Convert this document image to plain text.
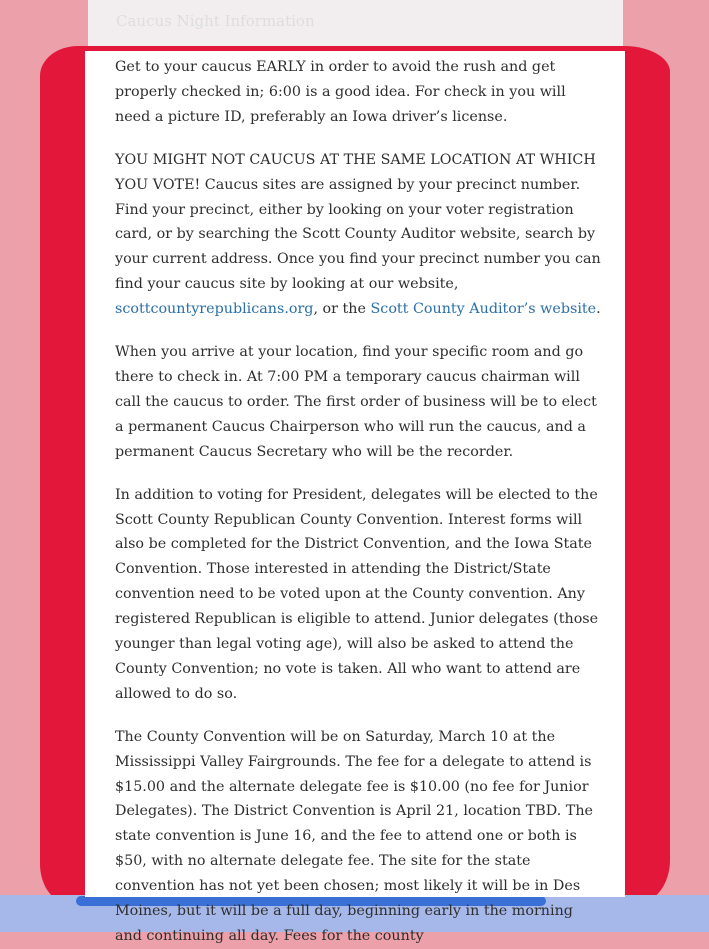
Caucus Night Information

Get to your caucus EARLY in order to avoid the rush and get properly checked in; 6:00 is a good idea. For check in you will need a picture ID, preferably an Iowa driver’s license.

YOU MIGHT NOT CAUCUS AT THE SAME LOCATION AT WHICH YOU VOTE! Caucus sites are assigned by your precinct number. Find your precinct, either by looking on your voter registration card, or by searching the Scott County Auditor website, search by your current address. Once you find your precinct number you can find your caucus site by looking at our website, scottcountyrepublicans.org, or the Scott County Auditor’s website.

When you arrive at your location, find your specific room and go there to check in. At 7:00 PM a temporary caucus chairman will call the caucus to order. The first order of business will be to elect a permanent Caucus Chairperson who will run the caucus, and a permanent Caucus Secretary who will be the recorder.

In addition to voting for President, delegates will be elected to the Scott County Republican County Convention. Interest forms will also be completed for the District Convention, and the Iowa State Convention. Those interested in attending the District/State convention need to be voted upon at the County convention. Any registered Republican is eligible to attend. Junior delegates (those younger than legal voting age), will also be asked to attend the County Convention; no vote is taken. All who want to attend are allowed to do so.

The County Convention will be on Saturday, March 10 at the Mississippi Valley Fairgrounds. The fee for a delegate to attend is $15.00 and the alternate delegate fee is $10.00 (no fee for Junior Delegates). The District Convention is April 21, location TBD. The state convention is June 16, and the fee to attend one or both is $50, with no alternate delegate fee. The site for the state convention has not yet been chosen; most likely it will be in Des Moines, but it will be a full day, beginning early in the morning and continuing all day. Fees for the county
